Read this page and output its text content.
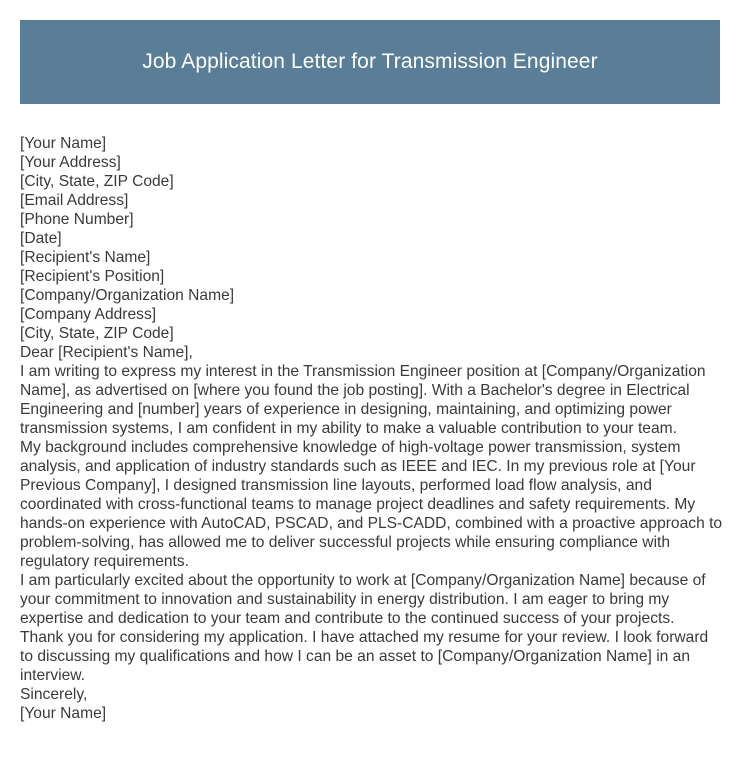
Job Application Letter for Transmission Engineer

[Your Name]

[Your Address]

[City, State, ZIP Code]

[Email Address]

[Phone Number]

[Date]

[Recipient's Name]

[Recipient's Position]

[Company/Organization Name]

[Company Address]

[City, State, ZIP Code]

Dear [Recipient's Name],

I am writing to express my interest in the Transmission Engineer position at [Company/Organization Name], as advertised on [where you found the job posting]. With a Bachelor's degree in Electrical Engineering and [number] years of experience in designing, maintaining, and optimizing power transmission systems, I am confident in my ability to make a valuable contribution to your team.

My background includes comprehensive knowledge of high-voltage power transmission, system analysis, and application of industry standards such as IEEE and IEC. In my previous role at [Your Previous Company], I designed transmission line layouts, performed load flow analysis, and coordinated with cross-functional teams to manage project deadlines and safety requirements. My hands-on experience with AutoCAD, PSCAD, and PLS-CADD, combined with a proactive approach to problem-solving, has allowed me to deliver successful projects while ensuring compliance with regulatory requirements.

I am particularly excited about the opportunity to work at [Company/Organization Name] because of your commitment to innovation and sustainability in energy distribution. I am eager to bring my expertise and dedication to your team and contribute to the continued success of your projects.

Thank you for considering my application. I have attached my resume for your review. I look forward to discussing my qualifications and how I can be an asset to [Company/Organization Name] in an interview.

Sincerely,

[Your Name]
